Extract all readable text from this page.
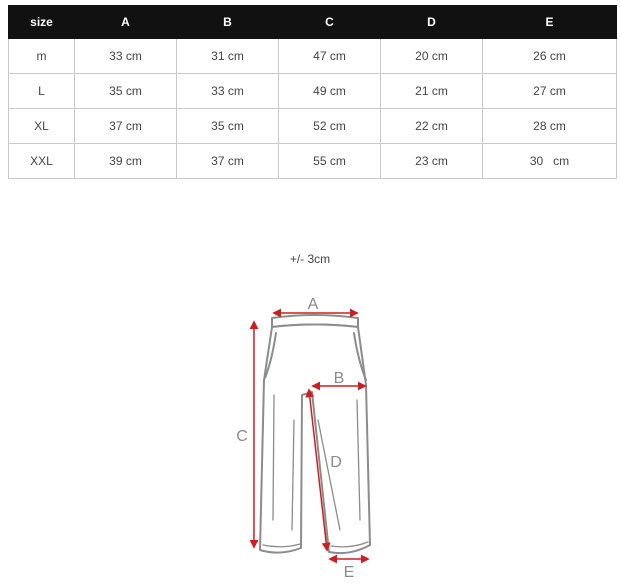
size	A	B	C	D	E
m	33 cm	31 cm	47 cm	20 cm	26 cm
L	35 cm	33 cm	49 cm	21 cm	27 cm
XL	37 cm	35 cm	52 cm	22 cm	28 cm
XXL	39 cm	37 cm	55 cm	23 cm	30   cm
+/- 3cm
A
B
C
D
E
